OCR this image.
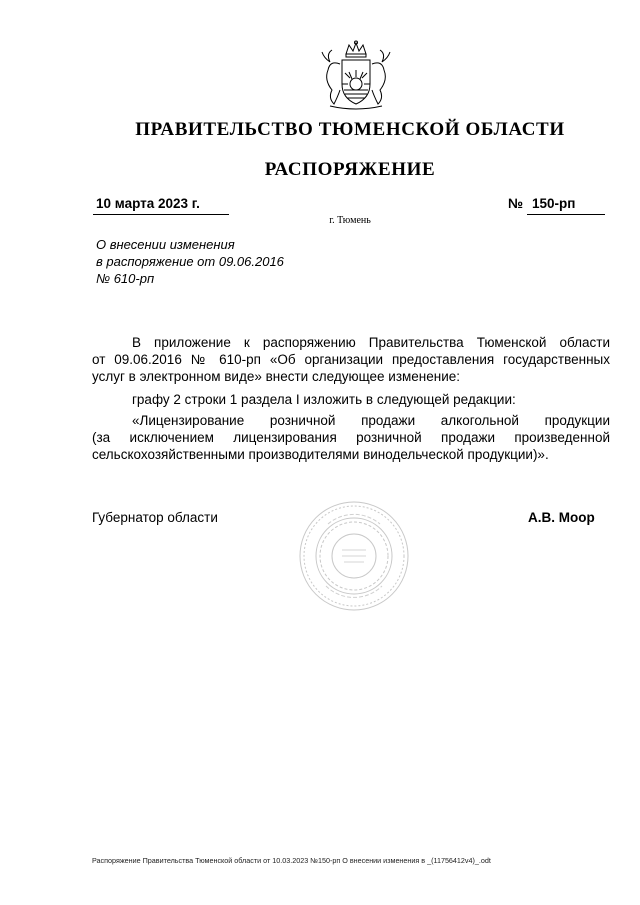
ПРАВИТЕЛЬСТВО ТЮМЕНСКОЙ ОБЛАСТИ
РАСПОРЯЖЕНИЕ
10 марта 2023 г.	№ 150-рп
г. Тюмень
О внесении изменения
в распоряжение от 09.06.2016
№ 610-рп
В приложение к распоряжению Правительства Тюменской области
от 09.06.2016 № 610-рп «Об организации предоставления государственных
услуг в электронном виде» внести следующее изменение:
графу 2 строки 1 раздела I изложить в следующей редакции:
«Лицензирование розничной продажи алкогольной продукции
(за исключением лицензирования розничной продажи произведенной
сельскохозяйственными производителями винодельческой продукции)».
Губернатор области	А.В. Моор
Распоряжение Правительства Тюменской области от 10.03.2023 №150-рп О внесении изменения в _(11756412v4)_.odt
